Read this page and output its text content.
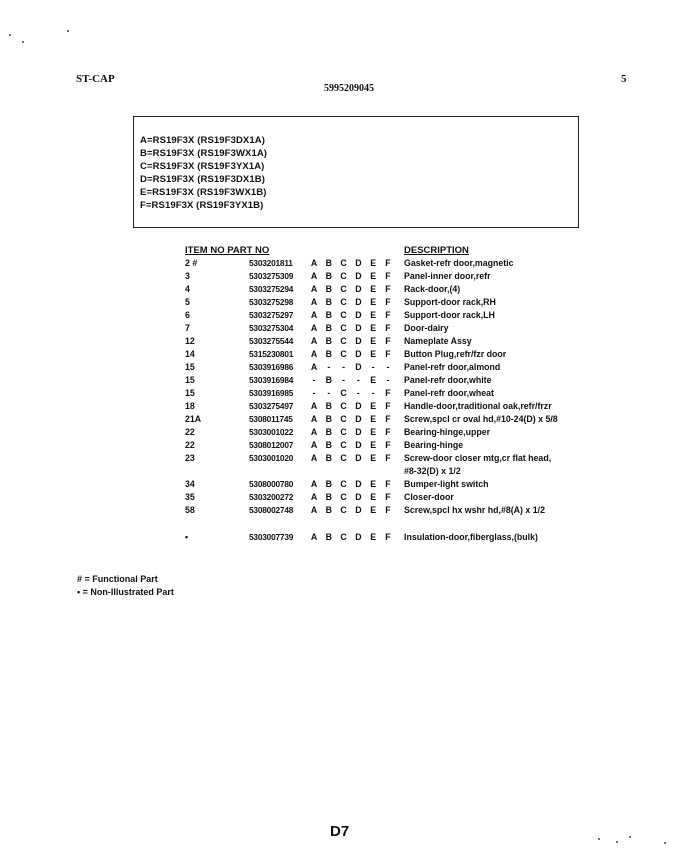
ST-CAP
5995209045
5
A=RS19F3X (RS19F3DX1A)
B=RS19F3X (RS19F3WX1A)
C=RS19F3X (RS19F3YX1A)
D=RS19F3X (RS19F3DX1B)
E=RS19F3X (RS19F3WX1B)
F=RS19F3X (RS19F3YX1B)
ITEM NO PART NO	DESCRIPTION
2 #	5303201811	A B C D E	F	Gasket-refr door,magnetic
3	5303275309	A B C D E	F	Panel-inner door,refr
4	5303275294	A B C D E	F	Rack-door,(4)
5	5303275298	A B C D E	F	Support-door rack,RH
6	5303275297	A B C D E	F	Support-door rack,LH
7	5303275304	A B C D E	F	Door-dairy
12	5303275544	A B C D E	F	Nameplate Assy
14	5315230801	A B C D E	F	Button Plug,refr/fzr door
15	5303916986	A	-	-	D	-	-	Panel-refr door,almond
15	5303916984	-	B	-	-	E	-	Panel-refr door,white
15	5303916985	-	-	C	-	-	F	Panel-refr door,wheat
18	5303275497	A B C D E	F	Handle-door,traditional oak,refr/frzr
21A	5308011745	A B C D E	F	Screw,spcl cr oval hd,#10-24(D) x 5/8
22	5303001022	A B C D E	F	Bearing-hinge,upper
22	5308012007	A B C D E	F	Bearing-hinge
23	5303001020	A B C D E	F	Screw-door closer mtg,cr flat head,
#8-32(D) x 1/2
34	5308000780	A B C D E	F	Bumper-light switch
35	5303200272	A B C D E	F	Closer-door
58	5308002748	A B C D E	F	Screw,spcl hx wshr hd,#8(A) x 1/2
•	5303007739	A B C D E	F	Insulation-door,fiberglass,(bulk)
# = Functional Part
• = Non-Illustrated Part
D7
